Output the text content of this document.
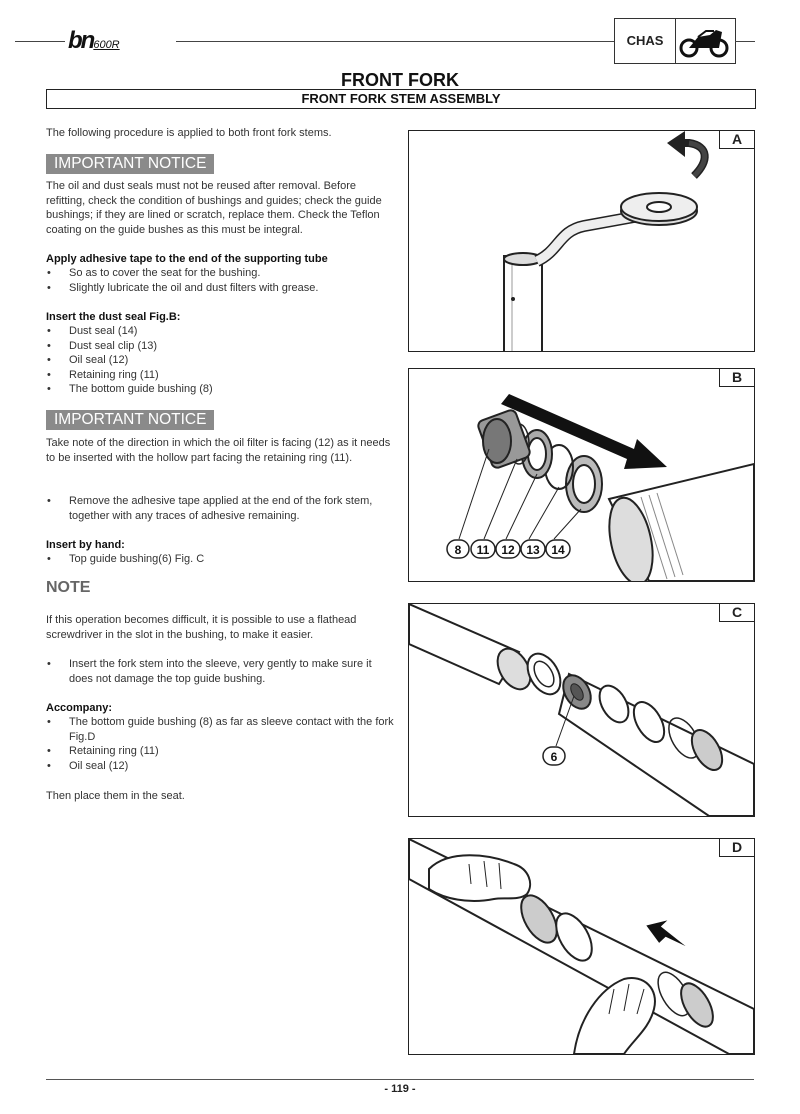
bn600R	CHAS
FRONT FORK
FRONT FORK STEM ASSEMBLY
The following procedure is applied to both front fork stems.
IMPORTANT NOTICE
The oil and dust seals must not be reused after removal. Before refitting, check the condition of bushings and guides; check the guide bushings; if they are lined or scratch, replace them. Check the Teflon coating on the guide bushes as this must be integral.
Apply adhesive tape to the end of the supporting tube
• So as to cover the seat for the bushing.
• Slightly lubricate the oil and dust filters with grease.
Insert the dust seal Fig.B:
• Dust seal (14)
• Dust seal clip (13)
• Oil seal (12)
• Retaining ring (11)
• The bottom guide bushing (8)
IMPORTANT NOTICE
Take note of the direction in which the oil filter is facing (12) as it needs to be inserted with the hollow part facing the retaining ring (11).
• Remove the adhesive tape applied at the end of the fork stem, together with any traces of adhesive remaining.
Insert by hand:
• Top guide bushing(6) Fig. C
NOTE
If this operation becomes difficult, it is possible to use a flathead screwdriver in the slot in the bushing, to make it easier.
• Insert the fork stem into the sleeve, very gently to make sure it does not damage the top guide bushing.
Accompany:
• The bottom guide bushing (8) as far as sleeve contact with the fork Fig.D
• Retaining ring (11)
• Oil seal (12)
Then place them in the seat.
A
B
8 11 12 13 14
C
6
D
- 119 -
